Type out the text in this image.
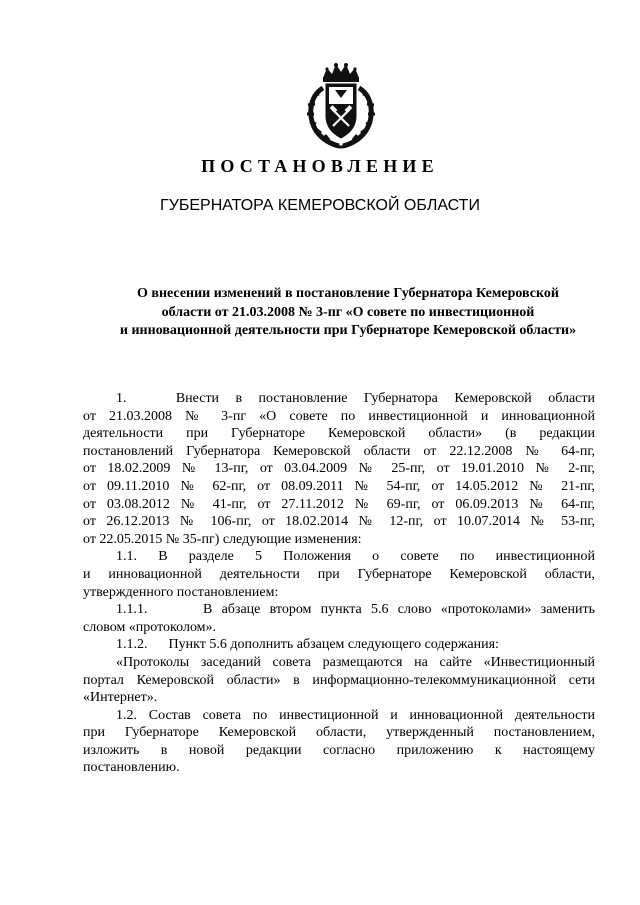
ПОСТАНОВЛЕНИЕ
ГУБЕРНАТОРА КЕМЕРОВСКОЙ ОБЛАСТИ
О внесении изменений в постановление Губернатора Кемеровской
области от 21.03.2008 № 3-пг «О совете по инвестиционной
и инновационной деятельности при Губернаторе Кемеровской области»
1.   Внести в постановление Губернатора Кемеровской области
от 21.03.2008 № 3-пг «О совете по инвестиционной и инновационной
деятельности при Губернаторе Кемеровской области» (в редакции
постановлений Губернатора Кемеровской области от 22.12.2008 № 64-пг,
от 18.02.2009 № 13-пг, от 03.04.2009 № 25-пг, от 19.01.2010 № 2-пг,
от 09.11.2010 № 62-пг, от 08.09.2011 № 54-пг, от 14.05.2012 № 21-пг,
от 03.08.2012 № 41-пг, от 27.11.2012 № 69-пг, от 06.09.2013 № 64-пг,
от 26.12.2013 № 106-пг, от 18.02.2014 № 12-пг, от 10.07.2014 № 53-пг,
от 22.05.2015 № 35-пг) следующие изменения:
1.1. В разделе 5 Положения о совете по инвестиционной
и инновационной деятельности при Губернаторе Кемеровской области,
утвержденного постановлением:
1.1.1.      В абзаце втором пункта 5.6 слово «протоколами» заменить
словом «протоколом».
1.1.2.      Пункт 5.6 дополнить абзацем следующего содержания:
«Протоколы заседаний совета размещаются на сайте «Инвестиционный
портал Кемеровской области» в информационно-телекоммуникационной сети
«Интернет».
1.2. Состав совета по инвестиционной и инновационной деятельности
при Губернаторе Кемеровской области, утвержденный постановлением,
изложить в новой редакции согласно приложению к настоящему
постановлению.
